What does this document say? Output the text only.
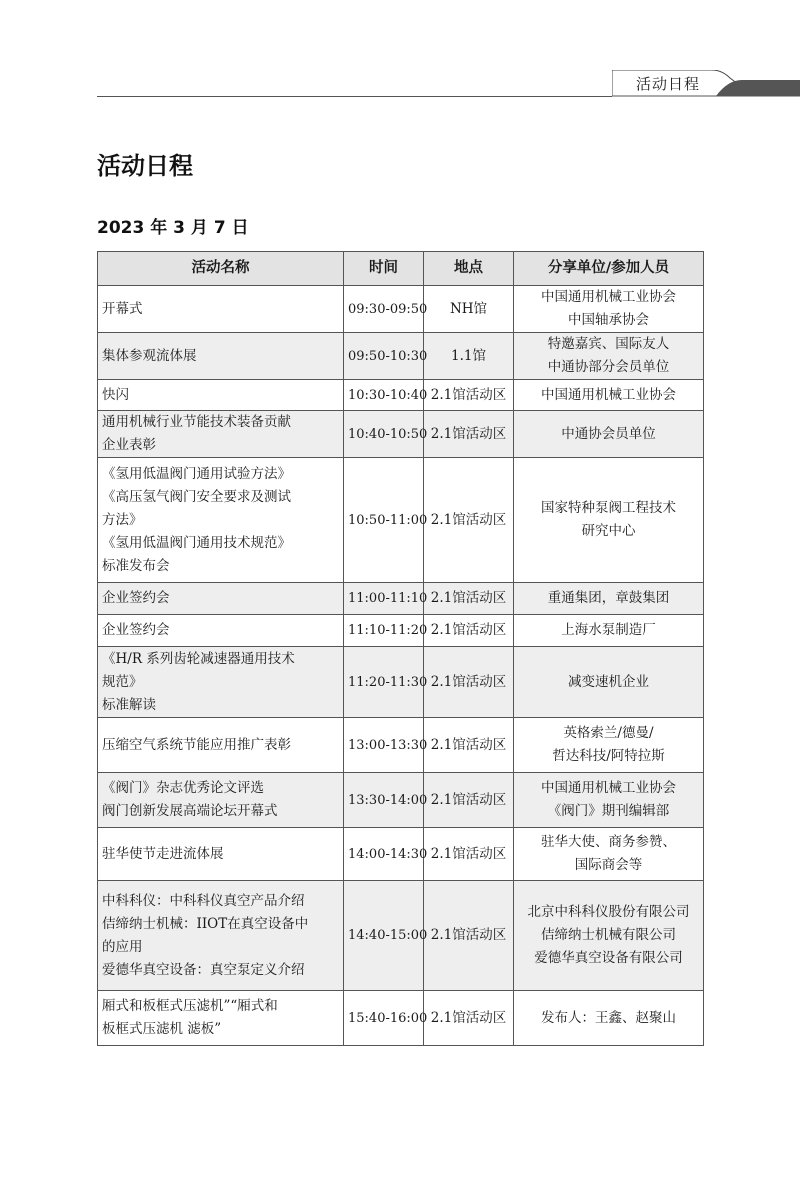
活动日程
活动日程
2023 年 3 月 7 日
活动名称	时间	地点	分享单位/参加人员

开幕式	09:30-09:50	NH馆	中国通用机械工业协会
中国轴承协会

集体参观流体展	09:50-10:30	1.1馆	特邀嘉宾、国际友人
中通协部分会员单位

快闪	10:30-10:40	2.1馆活动区	中国通用机械工业协会

通用机械行业节能技术装备贡献
企业表彰	10:40-10:50	2.1馆活动区	中通协会员单位

《氢用低温阀门通用试验方法》
《高压氢气阀门安全要求及测试
方法》
《氢用低温阀门通用技术规范》
标准发布会	10:50-11:00	2.1馆活动区	国家特种泵阀工程技术
研究中心

企业签约会	11:00-11:10	2.1馆活动区	重通集团，章鼓集团

企业签约会	11:10-11:20	2.1馆活动区	上海水泵制造厂

《H/R 系列齿轮减速器通用技术
规范》
标准解读	11:20-11:30	2.1馆活动区	减变速机企业

压缩空气系统节能应用推广表彰	13:00-13:30	2.1馆活动区	英格索兰/德曼/
哲达科技/阿特拉斯

《阀门》杂志优秀论文评选
阀门创新发展高端论坛开幕式	13:30-14:00	2.1馆活动区	中国通用机械工业协会
《阀门》期刊编辑部

驻华使节走进流体展	14:00-14:30	2.1馆活动区	驻华大使、商务参赞、
国际商会等

中科科仪：中科科仪真空产品介绍
佶缔纳士机械：IIOT在真空设备中
的应用
爱德华真空设备：真空泵定义介绍	14:40-15:00	2.1馆活动区	北京中科科仪股份有限公司
佶缔纳士机械有限公司
爱德华真空设备有限公司

厢式和板框式压滤机”“厢式和
板框式压滤机 滤板”	15:40-16:00	2.1馆活动区	发布人：王鑫、赵聚山
